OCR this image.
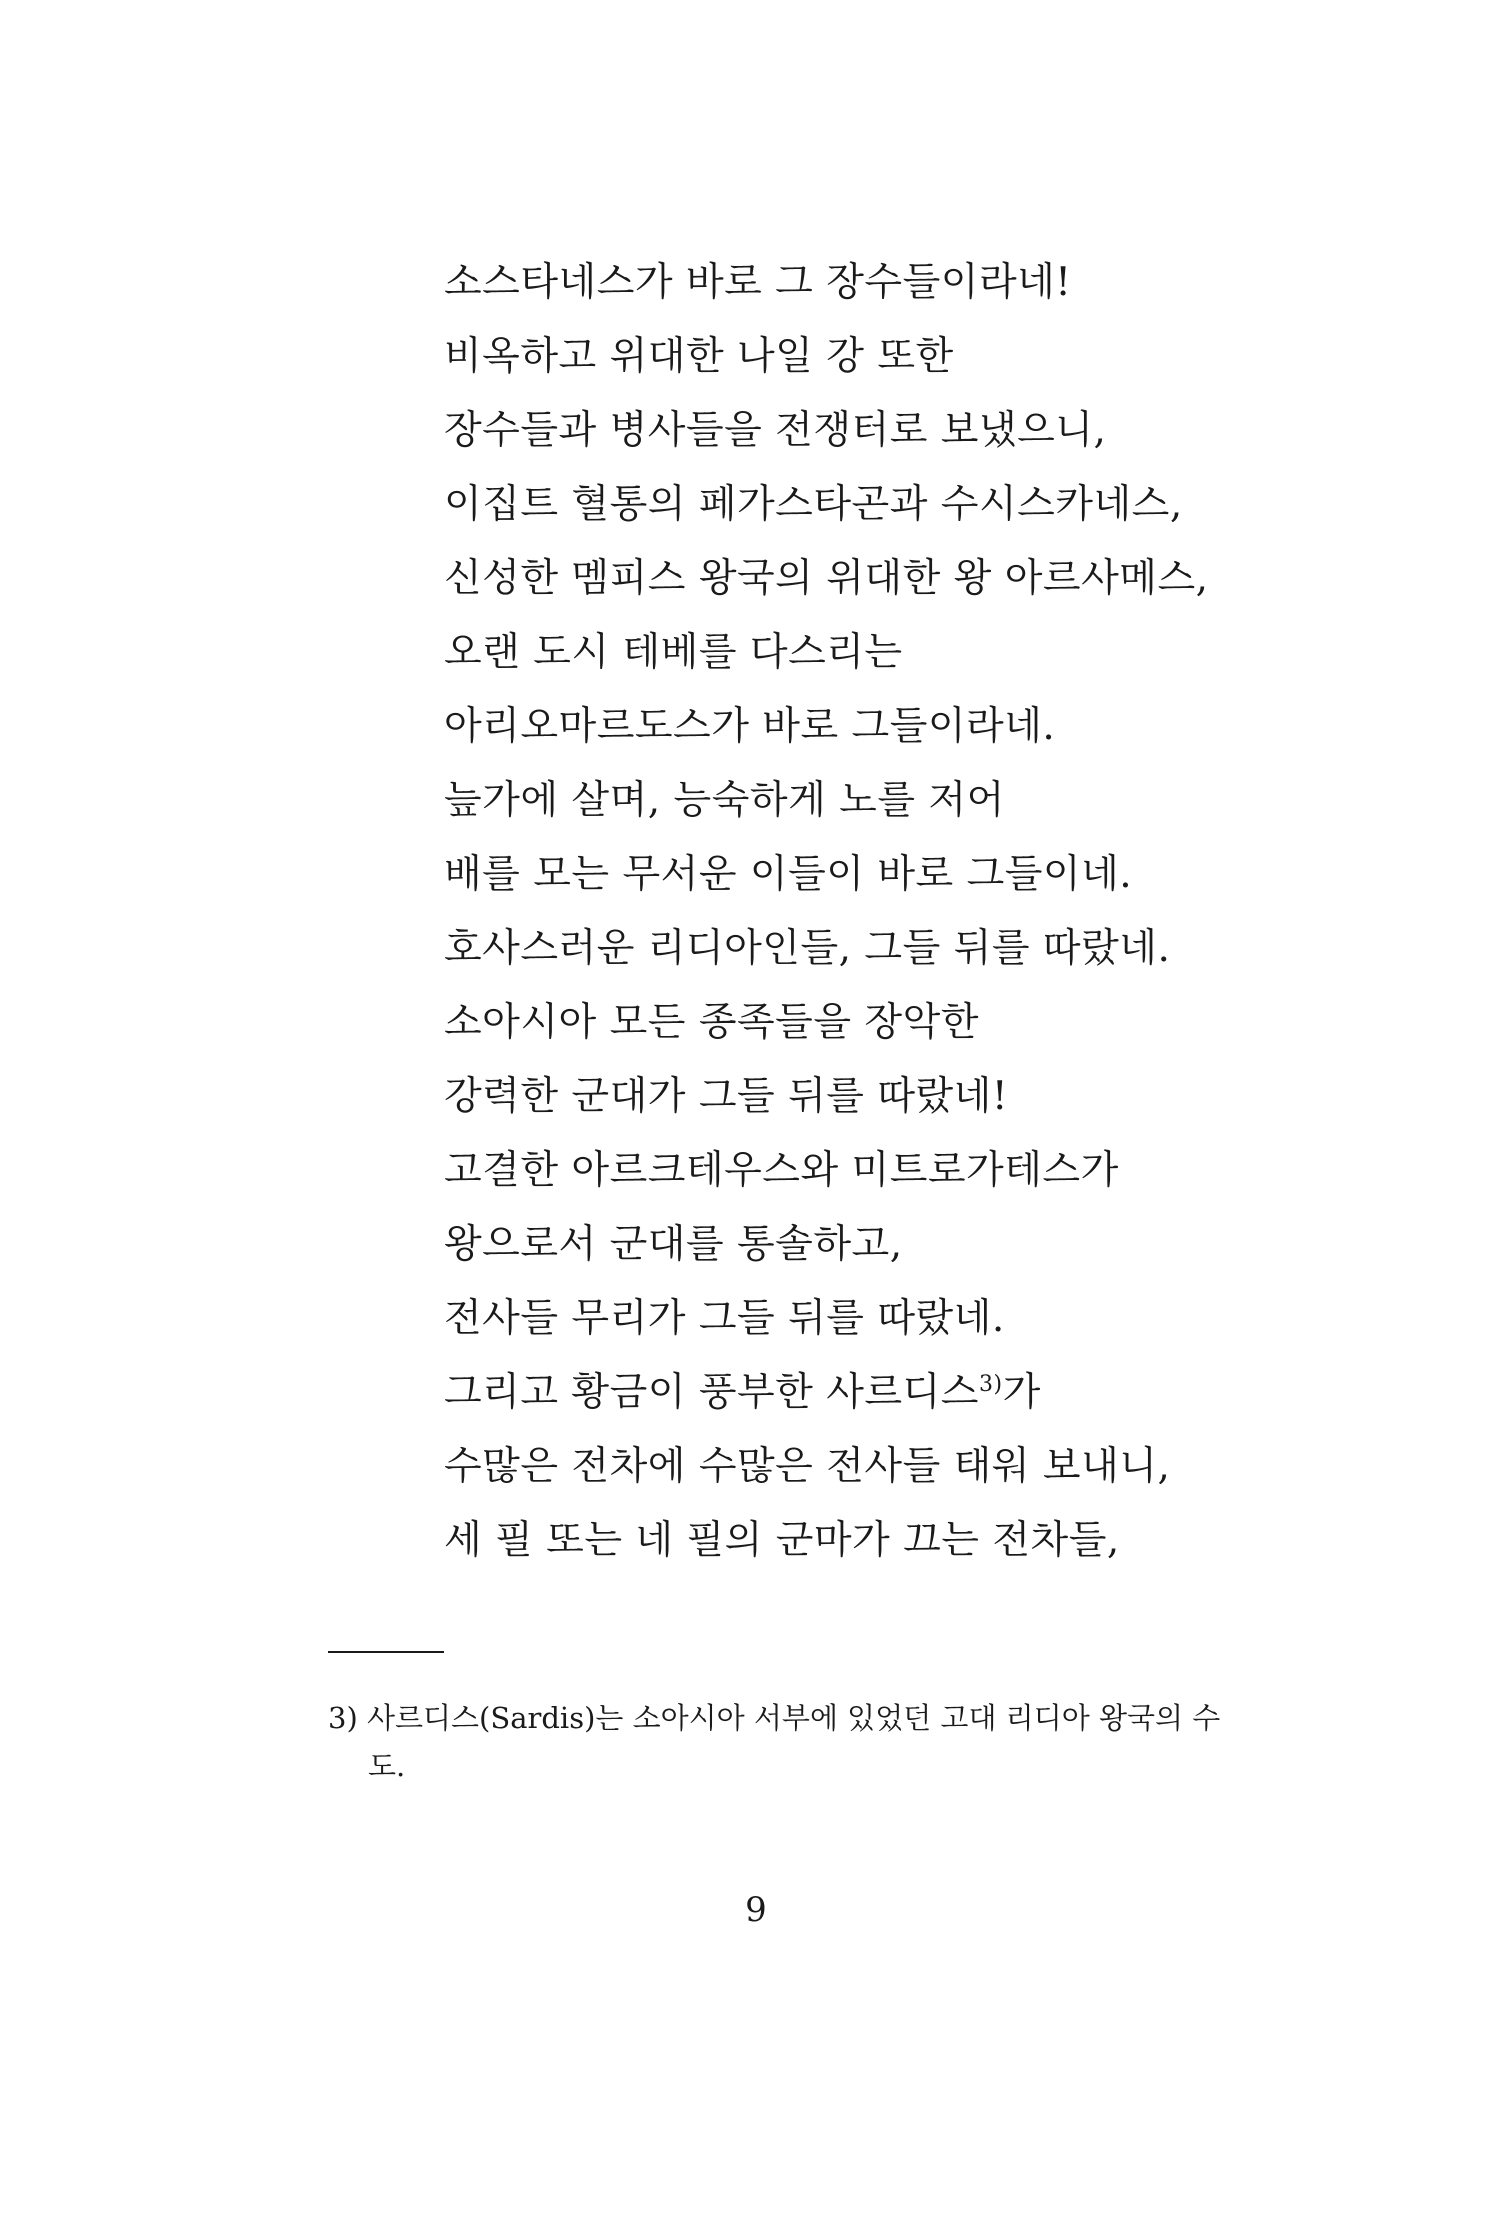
소스타네스가 바로 그 장수들이라네!
비옥하고 위대한 나일 강 또한
장수들과 병사들을 전쟁터로 보냈으니,
이집트 혈통의 페가스타곤과 수시스카네스,
신성한 멤피스 왕국의 위대한 왕 아르사메스,
오랜 도시 테베를 다스리는
아리오마르도스가 바로 그들이라네.
늪가에 살며, 능숙하게 노를 저어
배를 모는 무서운 이들이 바로 그들이네.
호사스러운 리디아인들, 그들 뒤를 따랐네.
소아시아 모든 종족들을 장악한
강력한 군대가 그들 뒤를 따랐네!
고결한 아르크테우스와 미트로가테스가
왕으로서 군대를 통솔하고,
전사들 무리가 그들 뒤를 따랐네.
그리고 황금이 풍부한 사르디스$^{3)}$가
수많은 전차에 수많은 전사들 태워 보내니,
세 필 또는 네 필의 군마가 끄는 전차들,
3) 사르디스(Sardis)는 소아시아 서부에 있었던 고대 리디아 왕국의 수
도.
9
